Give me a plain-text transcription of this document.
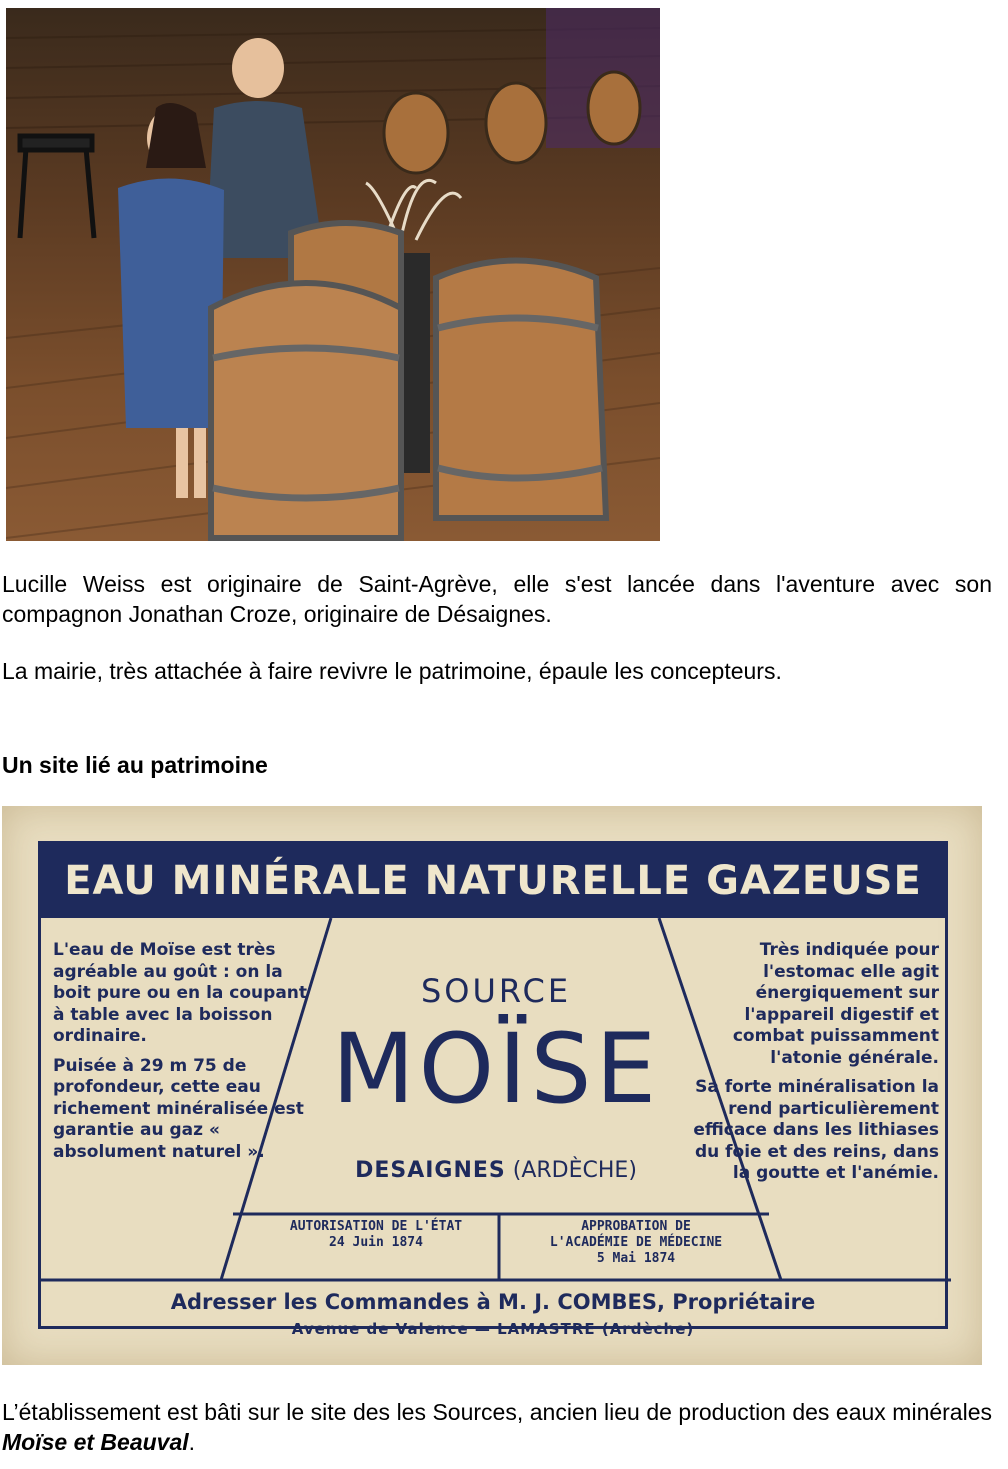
Lucille Weiss est originaire de Saint-Agrève, elle s'est lancée dans l'aventure avec son compagnon Jonathan Croze, originaire de Désaignes.

La mairie, très attachée à faire revivre le patrimoine, épaule les concepteurs.

Un site lié au patrimoine
EAU MINÉRALE NATURELLE GAZEUSE

L'eau de Moïse est très agréable au goût : on la boit pure ou en la coupant à table avec la boisson ordinaire.

Puisée à 29 m 75 de profondeur, cette eau richement minéralisée est garantie au gaz « absolument naturel ».

Très indiquée pour l'estomac elle agit énergiquement sur l'appareil digestif et combat puissamment l'atonie générale.

Sa forte minéralisation la rend particulièrement efficace dans les lithiases du foie et des reins, dans la goutte et l'anémie.

SOURCE
MOÏSE
DESAIGNES (ARDÈCHE)
AUTORISATION DE L'ÉTAT
24 Juin 1874
APPROBATION DE
L'ACADÉMIE DE MÉDECINE
5 Mai 1874
Adresser les Commandes à M. J. COMBES, Propriétaire
Avenue de Valence — LAMASTRE (Ardèche)

L’établissement est bâti sur le site des les Sources, ancien lieu de production des eaux minérales Moïse et Beauval.
